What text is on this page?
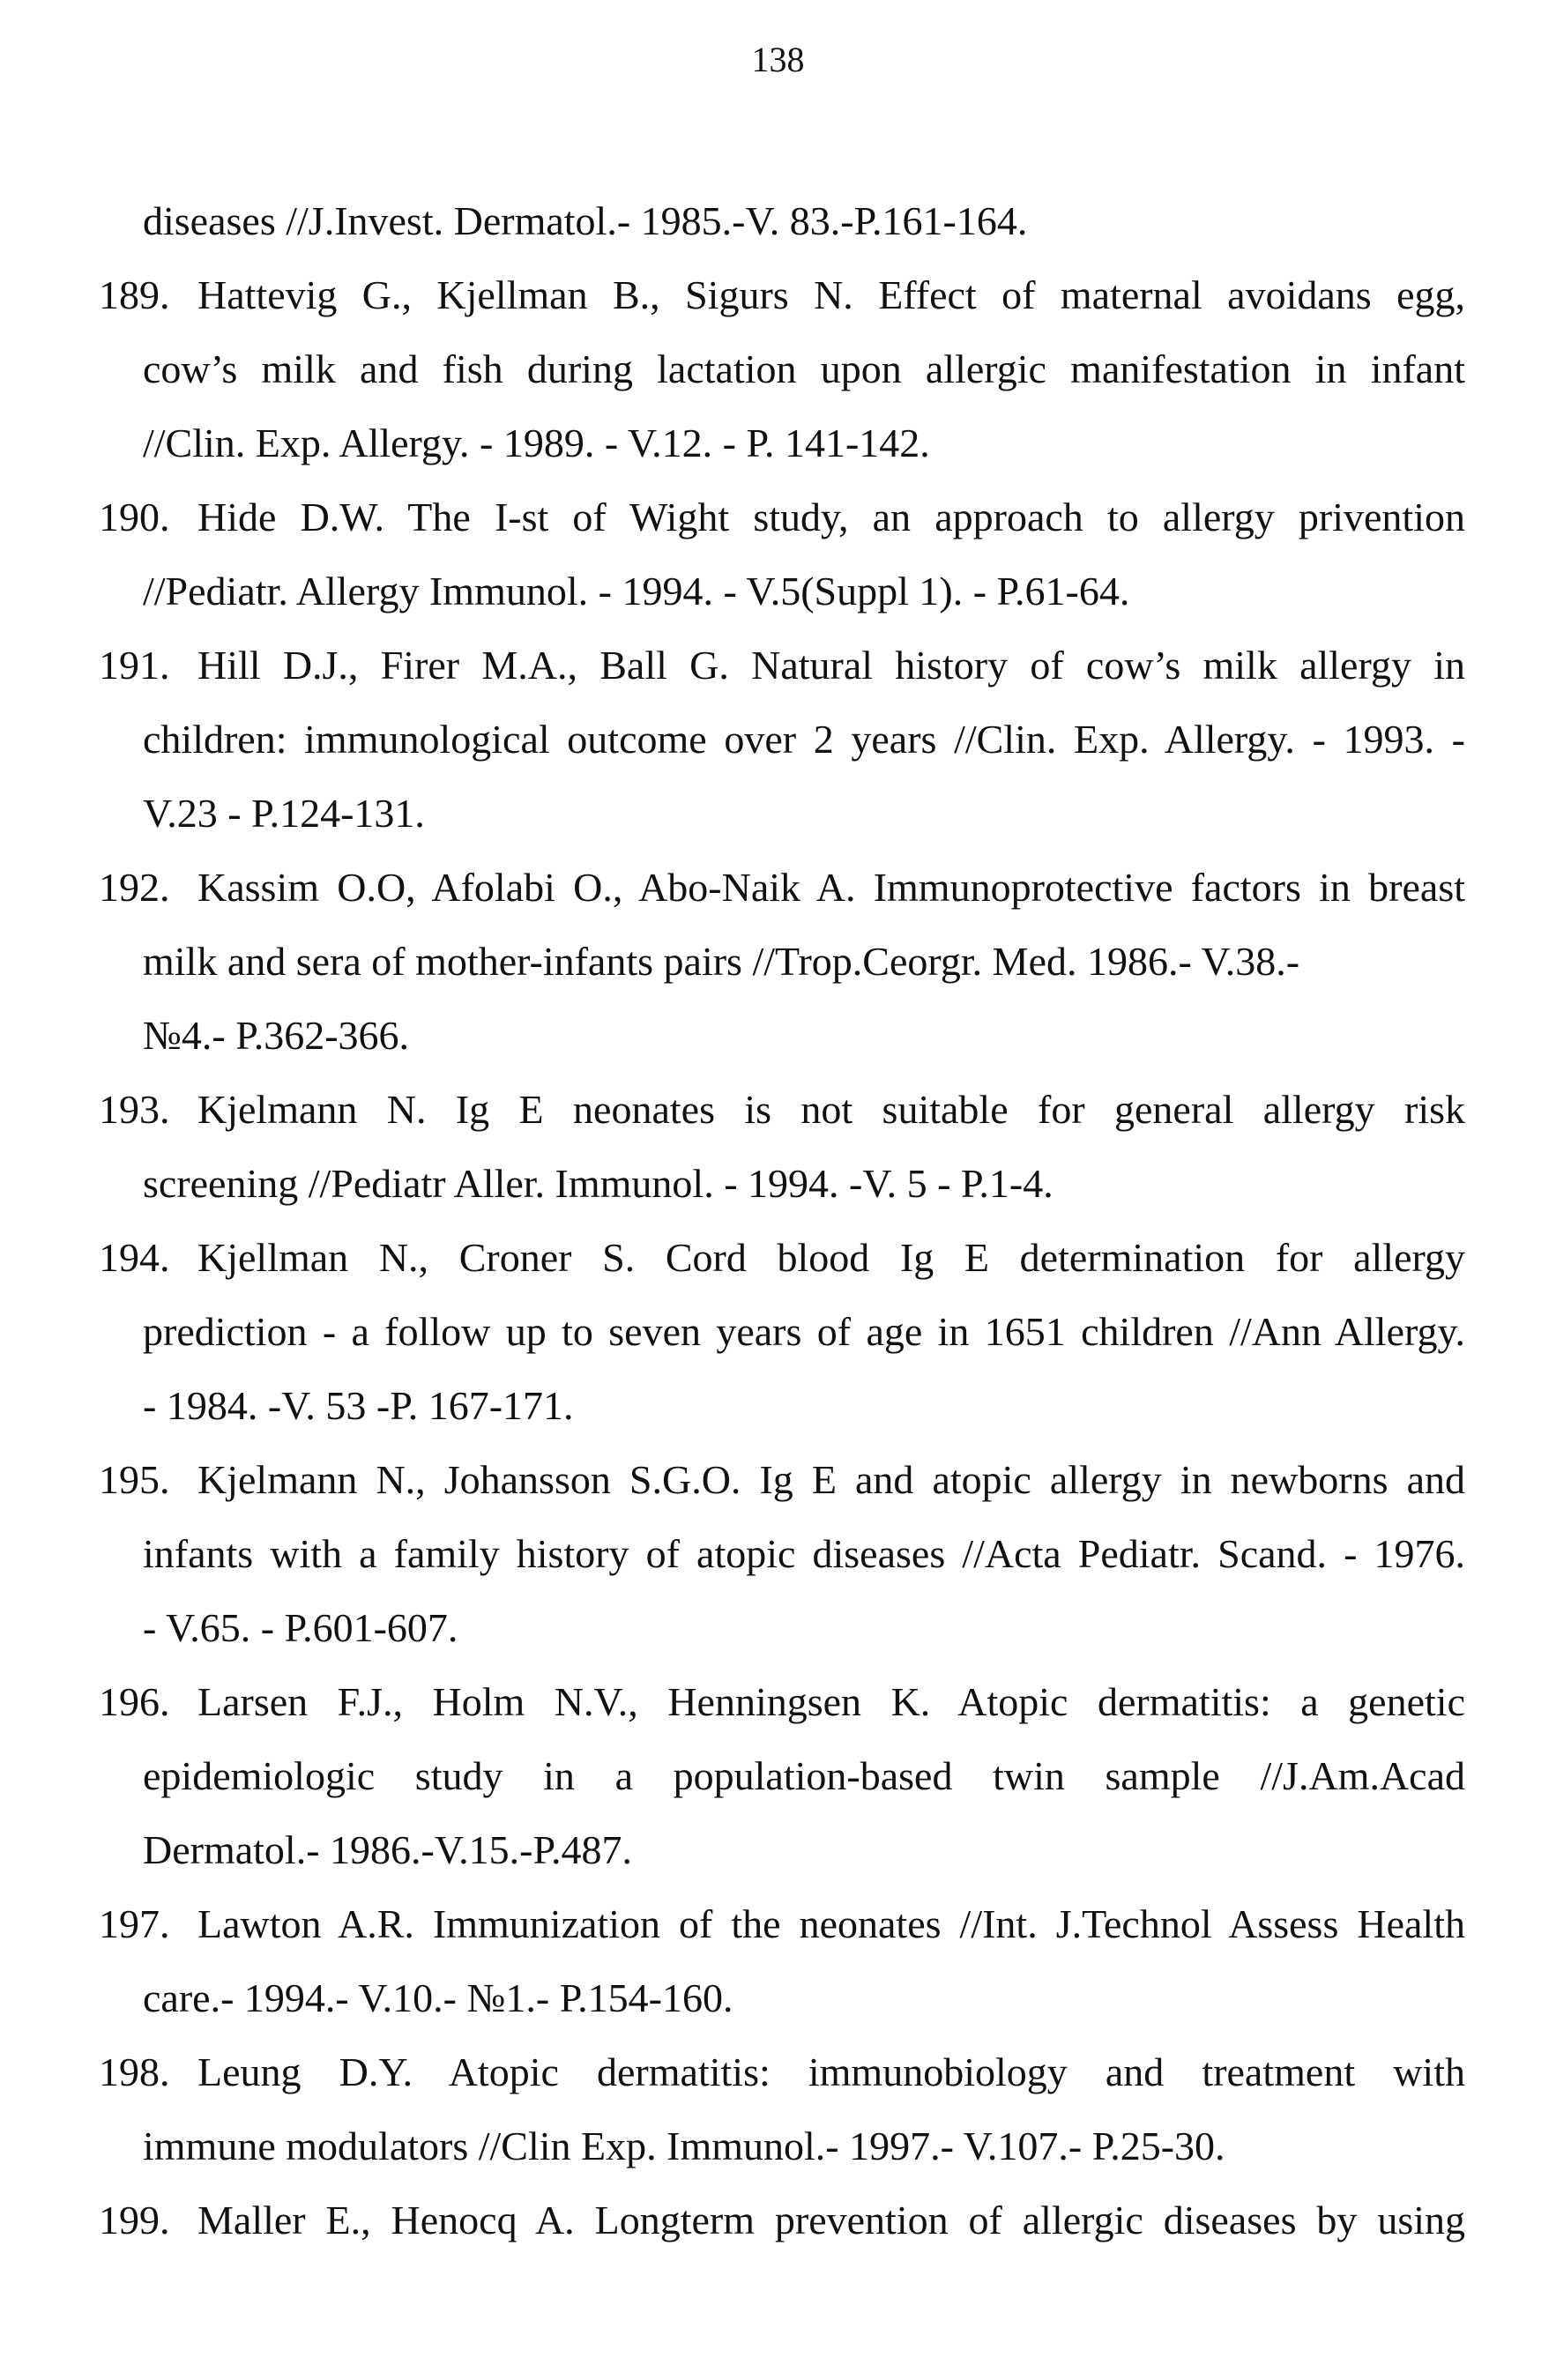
138
diseases //J.Invest. Dermatol.- 1985.-V. 83.-P.161-164.
189. Hattevig G., Kjellman B., Sigurs N. Effect of maternal avoidans egg,
cow’s milk and fish during lactation upon allergic manifestation in infant
//Clin. Exp. Allergy. - 1989. - V.12. - P. 141-142.
190. Hide D.W. The I-st of Wight study, an approach to allergy privention
//Pediatr. Allergy Immunol. - 1994. - V.5(Suppl 1). - P.61-64.
191. Hill D.J., Firer M.A., Ball G. Natural history of cow’s milk allergy in
children: immunological outcome over 2 years //Clin. Exp. Allergy. - 1993. -
V.23 - P.124-131.
192. Kassim O.O, Afolabi O., Abo-Naik A. Immunoprotective factors in breast
milk and sera of mother-infants pairs //Trop.Ceorgr. Med. 1986.- V.38.-
№4.- P.362-366.
193. Kjelmann N. Ig E neonates is not suitable for general allergy risk
screening //Pediatr Aller. Immunol. - 1994. -V. 5 - P.1-4.
194. Kjellman N., Croner S. Cord blood Ig E determination for allergy
prediction - a follow up to seven years of age in 1651 children //Ann Allergy.
- 1984. -V. 53 -P. 167-171.
195. Kjelmann N., Johansson S.G.O. Ig E and atopic allergy in newborns and
infants with a family history of atopic diseases //Acta Pediatr. Scand. - 1976.
- V.65. - P.601-607.
196. Larsen F.J., Holm N.V., Henningsen K. Atopic dermatitis: a genetic
epidemiologic study in a population-based twin sample //J.Am.Acad
Dermatol.- 1986.-V.15.-P.487.
197. Lawton A.R. Immunization of the neonates //Int. J.Technol Assess Health
care.- 1994.- V.10.- №1.- P.154-160.
198. Leung D.Y. Atopic dermatitis: immunobiology and treatment with
immune modulators //Clin Exp. Immunol.- 1997.- V.107.- P.25-30.
199. Maller E., Henocq A. Longterm prevention of allergic diseases by using
